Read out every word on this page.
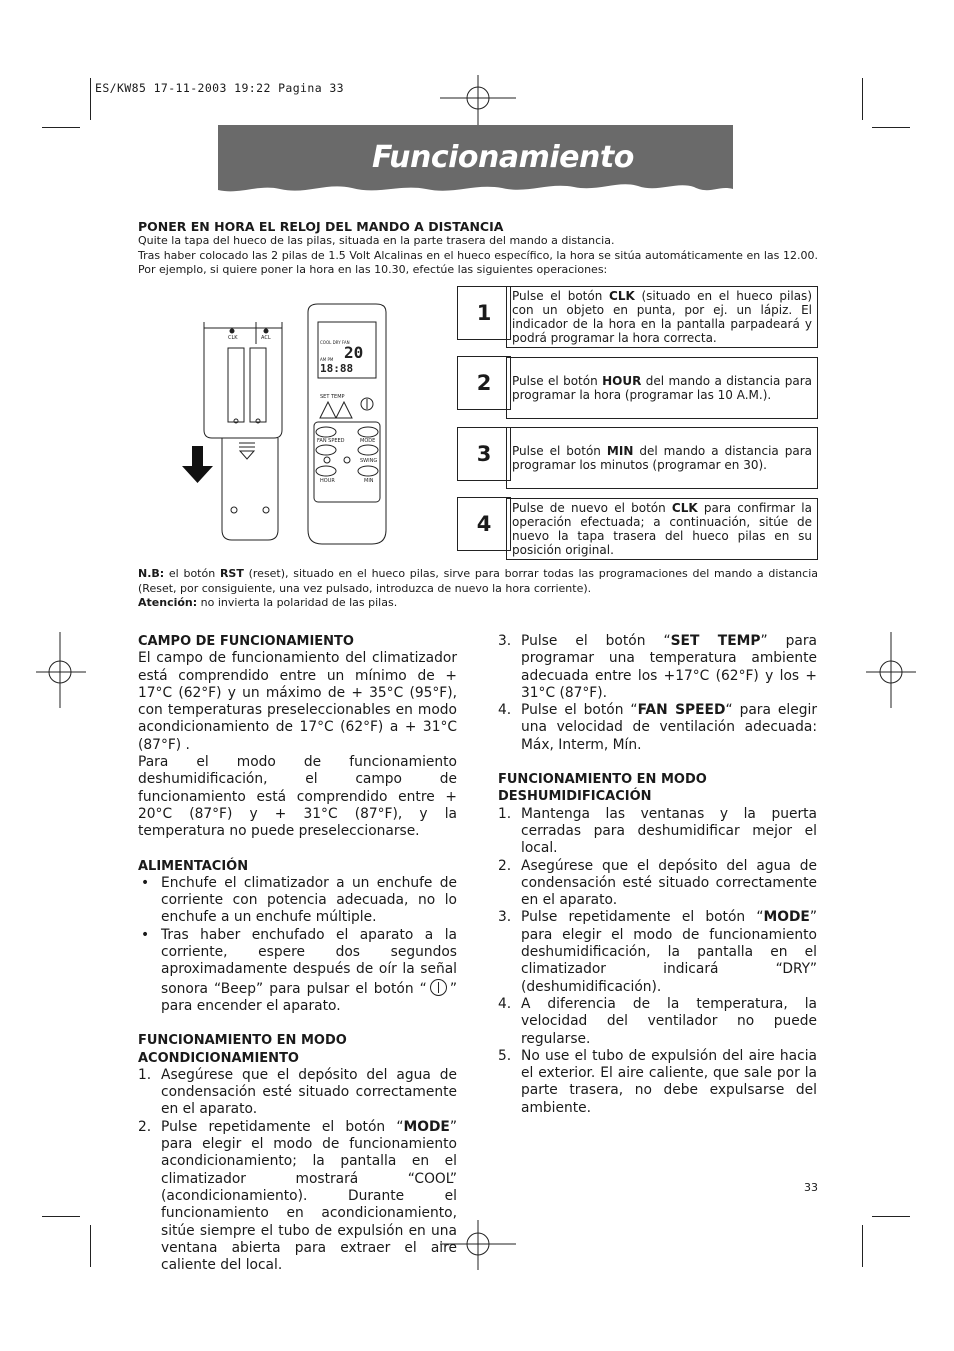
ES/KW85 17-11-2003 19:22 Pagina 33
Funcionamiento
PONER EN HORA EL RELOJ DEL MANDO A DISTANCIA
Quite la tapa del hueco de las pilas, situada en la parte trasera del mando a distancia.
Tras haber colocado las 2 pilas de 1.5 Volt Alcalinas en el hueco específico, la hora se sitúa automáticamente en las 12.00. Por ejemplo, si quiere poner la hora en las 10.30, efectúe las siguientes operaciones:
CLK	ACL
20
18:88
COOL DRY FAN
AM PM
SET TEMP
FAN SPEED	MODE
SWING
HOUR	MIN
1
Pulse el botón CLK (situado en el hueco pilas) con un objeto en punta, por ej. un lápiz. El indicador de la hora en la pantalla parpadeará y podrá programar la hora correcta.
2	Pulse el botón HOUR del mando a distancia para programar la hora (programar las 10 A.M.).
3	Pulse el botón MIN del mando a distancia para programar los minutos (programar en 30).
4
Pulse de nuevo el botón CLK para confirmar la operación efectuada; a continuación, sitúe de nuevo la tapa trasera del hueco pilas en su posición original.
N.B: el botón RST (reset), situado en el hueco pilas, sirve para borrar todas las programaciones del mando a distancia (Reset, por consiguiente, una vez pulsado, introduzca de nuevo la hora corriente).
Atención: no invierta la polaridad de las pilas.

CAMPO DE FUNCIONAMIENTO

El campo de funcionamiento del climatizador está comprendido entre un mínimo de + 17°C (62°F) y un máximo de + 35°C (95°F), con temperaturas preseleccionables en modo acondicionamiento de 17°C (62°F) a + 31°C (87°F) .

Para el modo de funcionamiento deshumidificación, el campo de funcionamiento está comprendido entre + 20°C (87°F) y + 31°C (87°F), y la temperatura no puede preseleccionarse.

ALIMENTACIÓN

• Enchufe el climatizador a un enchufe de corriente con potencia adecuada, no lo enchufe a un enchufe múltiple.
• Tras haber enchufado el aparato a la corriente, espere dos segundos aproximadamente después de oír la señal sonora “Beep” para pulsar el botón “ ” para encender el aparato.

FUNCIONAMIENTO EN MODO ACONDICIONAMIENTO

1. Asegúrese que el depósito del agua de condensación esté situado correctamente en el aparato.
2. Pulse repetidamente el botón “MODE” para elegir el modo de funcionamiento acondicionamiento; la pantalla en el climatizador mostrará “COOL” (acondicionamiento). Durante el funcionamiento en acondicionamiento, sitúe siempre el tubo de expulsión en una ventana abierta para extraer el aire caliente del local.
3. Pulse el botón “SET TEMP” para programar una temperatura ambiente adecuada entre los +17°C (62°F) y los + 31°C (87°F).
4. Pulse el botón “FAN SPEED“ para elegir una velocidad de ventilación adecuada: Máx, Interm, Mín.

FUNCIONAMIENTO EN MODO DESHUMIDIFICACIÓN

1. Mantenga las ventanas y la puerta cerradas para deshumidificar mejor el local.
2. Asegúrese que el depósito del agua de condensación esté situado correctamente en el aparato.
3. Pulse repetidamente el botón “MODE” para elegir el modo de funcionamiento deshumidificación, la pantalla en el climatizador indicará “DRY” (deshumidificación).
4. A diferencia de la temperatura, la velocidad del ventilador no puede regularse.
5. No use el tubo de expulsión del aire hacia el exterior. El aire caliente, que sale por la parte trasera, no debe expulsarse del ambiente.
33
